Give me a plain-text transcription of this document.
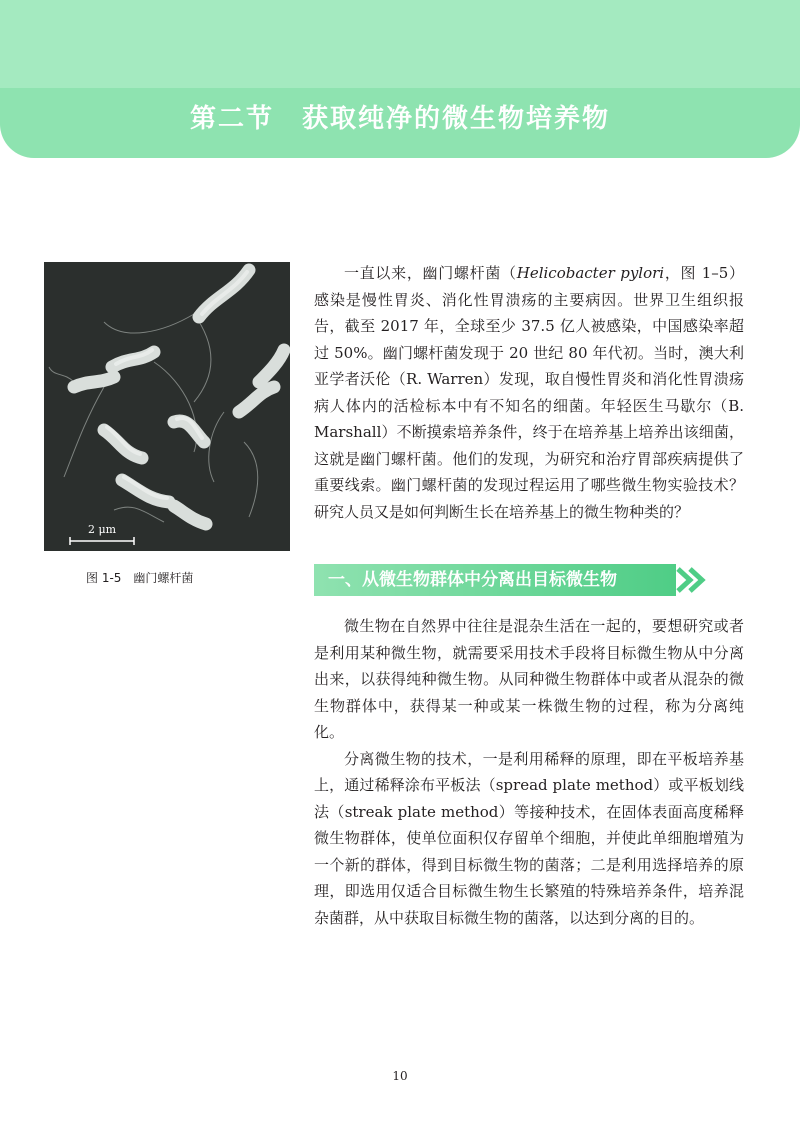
第二节　获取纯净的微生物培养物
2 μm
图 1-5　幽门螺杆菌

一直以来，幽门螺杆菌（Helicobacter pylori，图 1–5）感染是慢性胃炎、消化性胃溃疡的主要病因。世界卫生组织报告，截至 2017 年，全球至少 37.5 亿人被感染，中国感染率超过 50%。幽门螺杆菌发现于 20 世纪 80 年代初。当时，澳大利亚学者沃伦（R. Warren）发现，取自慢性胃炎和消化性胃溃疡病人体内的活检标本中有不知名的细菌。年轻医生马歇尔（B. Marshall）不断摸索培养条件，终于在培养基上培养出该细菌，这就是幽门螺杆菌。他们的发现，为研究和治疗胃部疾病提供了重要线索。幽门螺杆菌的发现过程运用了哪些微生物实验技术？研究人员又是如何判断生长在培养基上的微生物种类的？

一、从微生物群体中分离出目标微生物

微生物在自然界中往往是混杂生活在一起的，要想研究或者是利用某种微生物，就需要采用技术手段将目标微生物从中分离出来，以获得纯种微生物。从同种微生物群体中或者从混杂的微生物群体中，获得某一种或某一株微生物的过程，称为分离纯化。

分离微生物的技术，一是利用稀释的原理，即在平板培养基上，通过稀释涂布平板法（spread plate method）或平板划线法（streak plate method）等接种技术，在固体表面高度稀释微生物群体，使单位面积仅存留单个细胞，并使此单细胞增殖为一个新的群体，得到目标微生物的菌落；二是利用选择培养的原理，即选用仅适合目标微生物生长繁殖的特殊培养条件，培养混杂菌群，从中获取目标微生物的菌落，以达到分离的目的。

10
